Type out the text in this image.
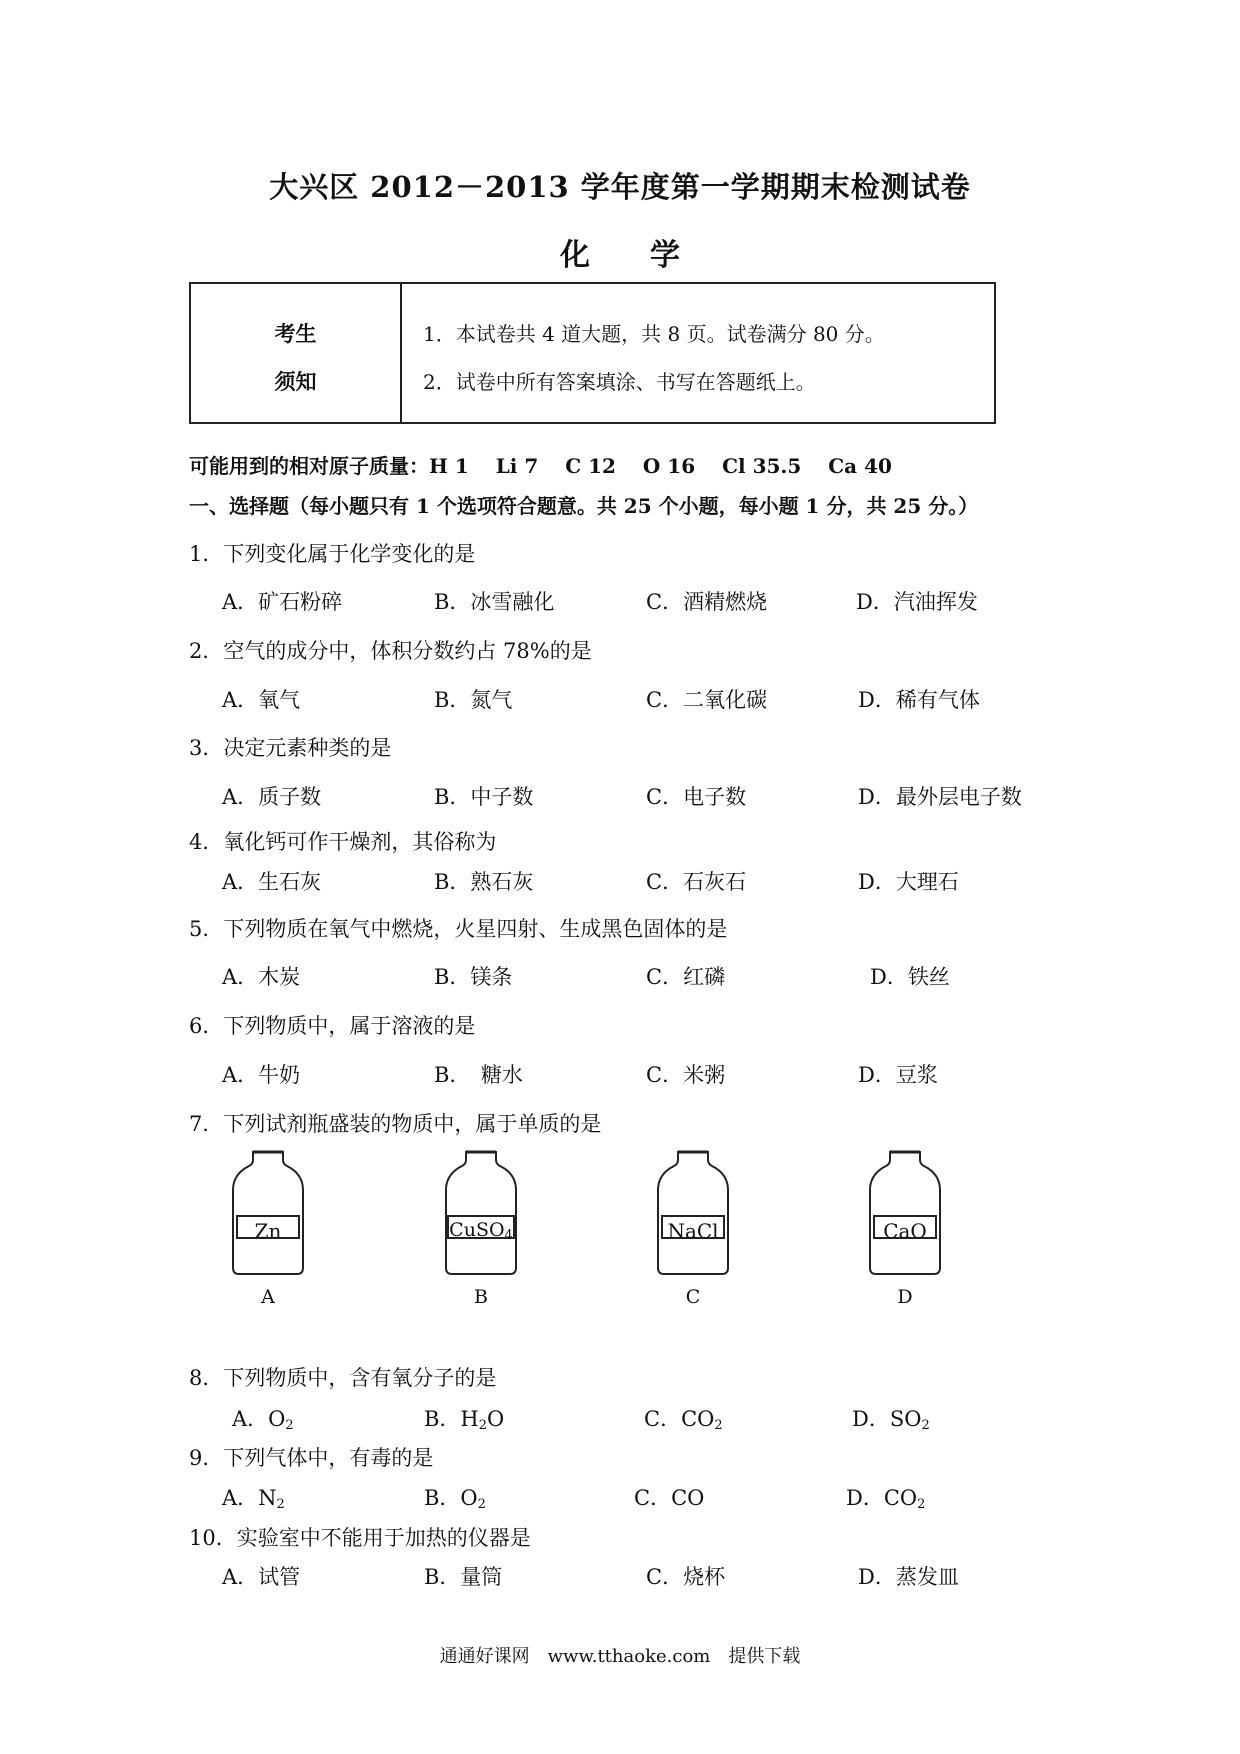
大兴区 2012－2013 学年度第一学期期末检测试卷
化 学
考生
须知
1．本试卷共 4 道大题，共 8 页。试卷满分 80 分。
2．试卷中所有答案填涂、书写在答题纸上。
可能用到的相对原子质量：H 1　 Li 7　 C 12　 O 16　 Cl 35.5　 Ca 40
一、选择题（每小题只有 1 个选项符合题意。共 25 个小题，每小题 1 分，共 25 分。）
1．下列变化属于化学变化的是
A．矿石粉碎	B．冰雪融化	C．酒精燃烧	D．汽油挥发
2．空气的成分中，体积分数约占 78%的是
A．氧气	B．氮气	C．二氧化碳	D．稀有气体
3．决定元素种类的是
A．质子数	B．中子数	C．电子数	D．最外层电子数
4．氧化钙可作干燥剂，其俗称为
A．生石灰	B．熟石灰	C．石灰石	D．大理石
5．下列物质在氧气中燃烧，火星四射、生成黑色固体的是
A．木炭	B．镁条	C．红磷	D．铁丝
6．下列物质中，属于溶液的是
A．牛奶	B．　糖水	C．米粥	D．豆浆
7．下列试剂瓶盛装的物质中，属于单质的是
Zn
A
CuSO$_4$
B
NaCl
C
CaO
D
8．下列物质中，含有氧分子的是
A．$O_2$	B．$H_2O$	C．$CO_2$	D．$SO_2$
9．下列气体中，有毒的是
A．$N_2$	B．$O_2$	C．CO	D．$CO_2$
10．实验室中不能用于加热的仪器是
A．试管	B．量筒	C．烧杯	D．蒸发皿
通通好课网　www.tthaoke.com　提供下载
